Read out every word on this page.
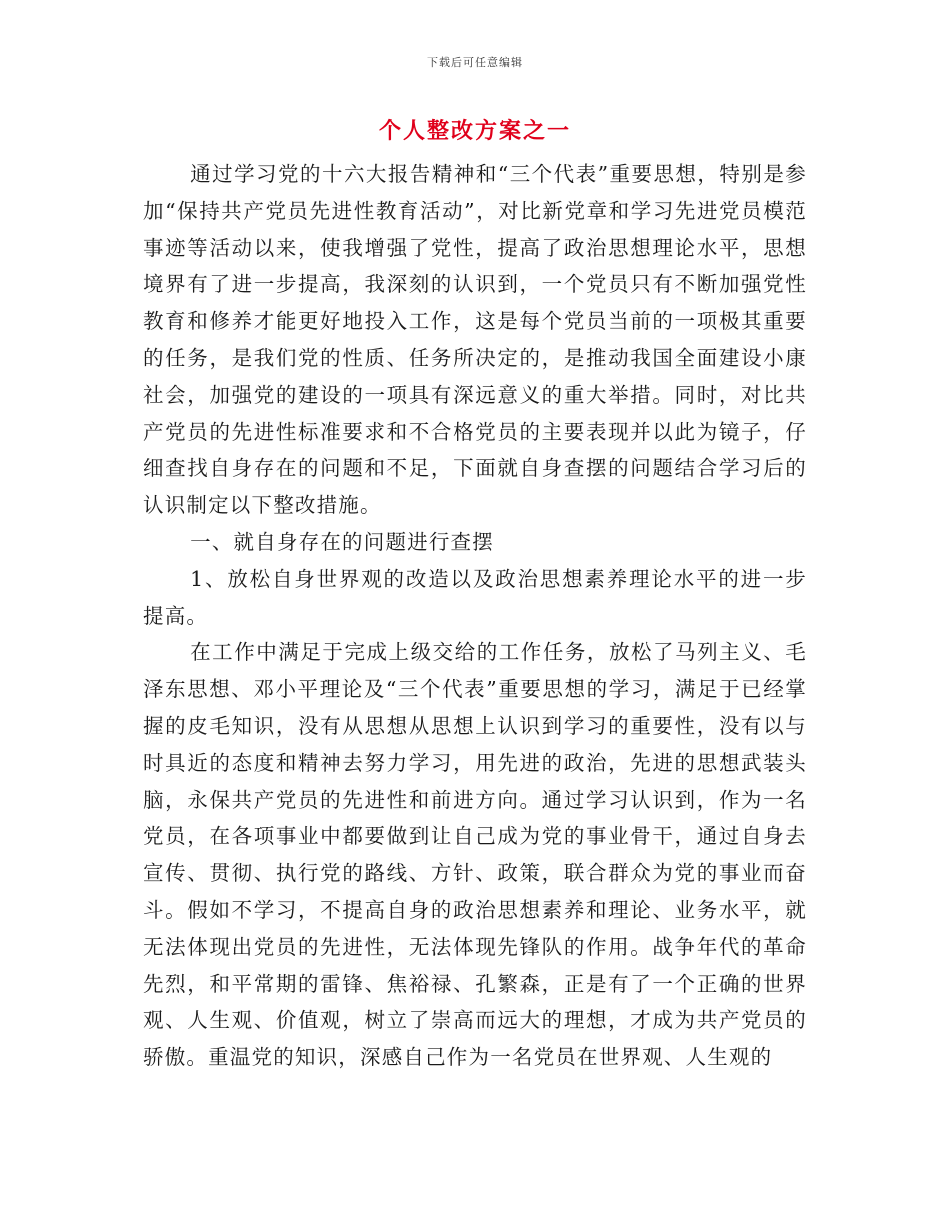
下载后可任意编辑
个人整改方案之一

通过学习党的十六大报告精神和“三个代表”重要思想，特别是参加“保持共产党员先进性教育活动”，对比新党章和学习先进党员模范事迹等活动以来，使我增强了党性，提高了政治思想理论水平，思想境界有了进一步提高，我深刻的认识到，一个党员只有不断加强党性教育和修养才能更好地投入工作，这是每个党员当前的一项极其重要的任务，是我们党的性质、任务所决定的，是推动我国全面建设小康社会，加强党的建设的一项具有深远意义的重大举措。同时，对比共产党员的先进性标准要求和不合格党员的主要表现并以此为镜子，仔细查找自身存在的问题和不足，下面就自身查摆的问题结合学习后的认识制定以下整改措施。

一、就自身存在的问题进行查摆

1、放松自身世界观的改造以及政治思想素养理论水平的进一步提高。

在工作中满足于完成上级交给的工作任务，放松了马列主义、毛泽东思想、邓小平理论及“三个代表”重要思想的学习，满足于已经掌握的皮毛知识，没有从思想从思想上认识到学习的重要性，没有以与时具近的态度和精神去努力学习，用先进的政治，先进的思想武装头脑，永保共产党员的先进性和前进方向。通过学习认识到，作为一名党员，在各项事业中都要做到让自己成为党的事业骨干，通过自身去宣传、贯彻、执行党的路线、方针、政策，联合群众为党的事业而奋斗。假如不学习，不提高自身的政治思想素养和理论、业务水平，就无法体现出党员的先进性，无法体现先锋队的作用。战争年代的革命先烈，和平常期的雷锋、焦裕禄、孔繁森，正是有了一个正确的世界观、人生观、价值观，树立了崇高而远大的理想，才成为共产党员的骄傲。重温党的知识，深感自己作为一名党员在世界观、人生观的
